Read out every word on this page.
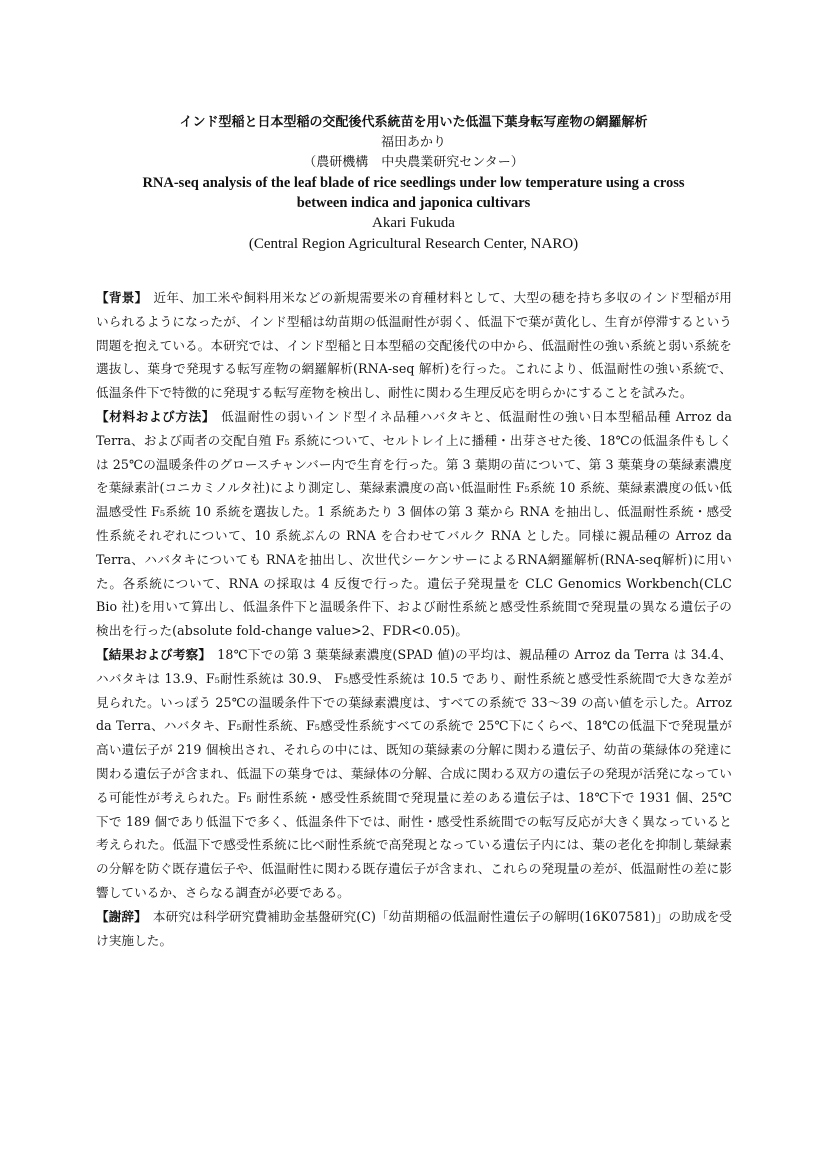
インド型稲と日本型稲の交配後代系統苗を用いた低温下葉身転写産物の網羅解析
福田あかり
（農研機構　中央農業研究センター）
RNA-seq analysis of the leaf blade of rice seedlings under low temperature using a cross
between indica and japonica cultivars
Akari Fukuda
(Central Region Agricultural Research Center, NARO)

【背景】 近年、加工米や飼料用米などの新規需要米の育種材料として、大型の穂を持ち多収のインド型稲が用いられるようになったが、インド型稲は幼苗期の低温耐性が弱く、低温下で葉が黄化し、生育が停滞するという問題を抱えている。本研究では、インド型稲と日本型稲の交配後代の中から、低温耐性の強い系統と弱い系統を選抜し、葉身で発現する転写産物の網羅解析(RNA-seq 解析)を行った。これにより、低温耐性の強い系統で、低温条件下で特徴的に発現する転写産物を検出し、耐性に関わる生理反応を明らかにすることを試みた。

【材料および方法】 低温耐性の弱いインド型イネ品種ハバタキと、低温耐性の強い日本型稲品種 Arroz da Terra、および両者の交配自殖 F₅ 系統について、セルトレイ上に播種・出芽させた後、18℃の低温条件もしくは 25℃の温暖条件のグロースチャンバー内で生育を行った。第 3 葉期の苗について、第 3 葉葉身の葉緑素濃度を葉緑素計(コニカミノルタ社)により測定し、葉緑素濃度の高い低温耐性 F₅系統 10 系統、葉緑素濃度の低い低温感受性 F₅系統 10 系統を選抜した。1 系統あたり 3 個体の第 3 葉から RNA を抽出し、低温耐性系統・感受性系統それぞれについて、10 系統ぶんの RNA を合わせてバルク RNA とした。同様に親品種の Arroz da Terra、ハバタキについても RNAを抽出し、次世代シーケンサーによるRNA網羅解析(RNA-seq解析)に用いた。各系統について、RNA の採取は 4 反復で行った。遺伝子発現量を CLC Genomics Workbench(CLC Bio 社)を用いて算出し、低温条件下と温暖条件下、および耐性系統と感受性系統間で発現量の異なる遺伝子の検出を行った(absolute fold-change value>2、FDR<0.05)。

【結果および考察】 18℃下での第 3 葉葉緑素濃度(SPAD 値)の平均は、親品種の Arroz da Terra は 34.4、ハバタキは 13.9、F₅耐性系統は 30.9、 F₅感受性系統は 10.5 であり、耐性系統と感受性系統間で大きな差が見られた。いっぽう 25℃の温暖条件下での葉緑素濃度は、すべての系統で 33～39 の高い値を示した。Arroz da Terra、ハバタキ、F₅耐性系統、F₅感受性系統すべての系統で 25℃下にくらべ、18℃の低温下で発現量が高い遺伝子が 219 個検出され、それらの中には、既知の葉緑素の分解に関わる遺伝子、幼苗の葉緑体の発達に関わる遺伝子が含まれ、低温下の葉身では、葉緑体の分解、合成に関わる双方の遺伝子の発現が活発になっている可能性が考えられた。F₅ 耐性系統・感受性系統間で発現量に差のある遺伝子は、18℃下で 1931 個、25℃下で 189 個であり低温下で多く、低温条件下では、耐性・感受性系統間での転写反応が大きく異なっていると考えられた。低温下で感受性系統に比べ耐性系統で高発現となっている遺伝子内には、葉の老化を抑制し葉緑素の分解を防ぐ既存遺伝子や、低温耐性に関わる既存遺伝子が含まれ、これらの発現量の差が、低温耐性の差に影響しているか、さらなる調査が必要である。

【謝辞】 本研究は科学研究費補助金基盤研究(C)「幼苗期稲の低温耐性遺伝子の解明(16K07581)」の助成を受け実施した。
